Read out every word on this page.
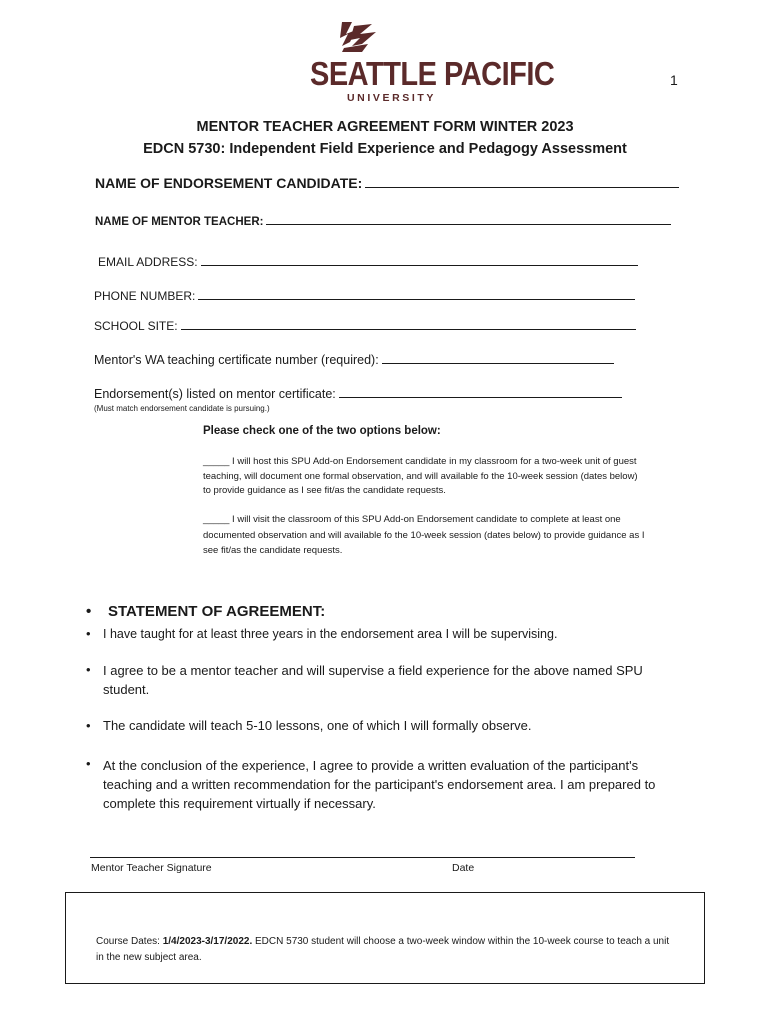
SEATTLE PACIFIC
UNIVERSITY
1
MENTOR TEACHER AGREEMENT FORM WINTER 2023
EDCN 5730: Independent Field Experience and Pedagogy Assessment
NAME OF ENDORSEMENT CANDIDATE:
NAME OF MENTOR TEACHER:
EMAIL ADDRESS:
PHONE NUMBER:
SCHOOL SITE:
Mentor's WA teaching certificate number (required):
Endorsement(s) listed on mentor certificate:
(Must match endorsement candidate is pursuing.)
Please check one of the two options below:
_____ I will host this SPU Add-on Endorsement candidate in my classroom for a two-week unit of guest teaching, will document one formal observation, and will available fo the 10-week session (dates below) to provide guidance as I see fit/as the candidate requests.
_____ I will visit the classroom of this SPU Add-on Endorsement candidate to complete at least one documented observation and will available fo the 10-week session (dates below) to provide guidance as I see fit/as the candidate requests.
• STATEMENT OF AGREEMENT:
• I have taught for at least three years in the endorsement area I will be supervising.
• I agree to be a mentor teacher and will supervise a field experience for the above named SPU student.
• The candidate will teach 5-10 lessons, one of which I will formally observe.
• At the conclusion of the experience, I agree to provide a written evaluation of the participant's teaching and a written recommendation for the participant's endorsement area. I am prepared to complete this requirement virtually if necessary.
Mentor Teacher Signature	Date
Course Dates: 1/4/2023-3/17/2022. EDCN 5730 student will choose a two-week window within the 10-week course to teach a unit in the new subject area.
